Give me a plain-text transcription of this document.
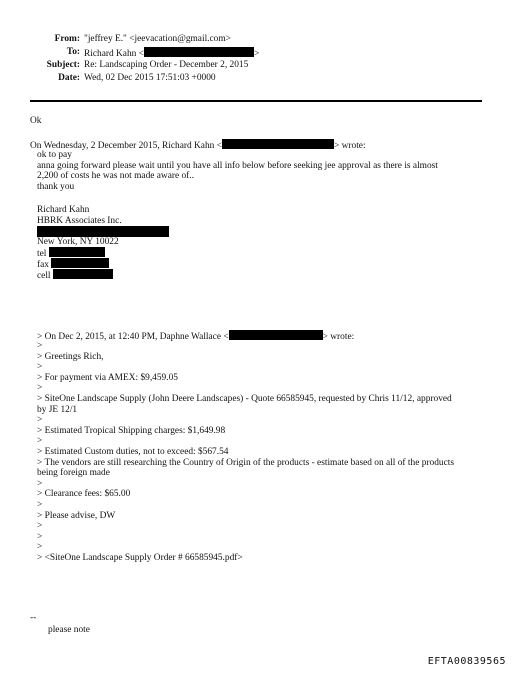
From: "jeffrey E." <jeevacation@gmail.com>
To: Richard Kahn <	>
Subject: Re: Landscaping Order - December 2, 2015
Date: Wed, 02 Dec 2015 17:51:03 +0000
Ok
On Wednesday, 2 December 2015, Richard Kahn <	> wrote:
ok to pay
anna going forward please wait until you have all info below before seeking jee approval as there is almost
2,200 of costs he was not made aware of..
thank you
Richard Kahn
HBRK Associates Inc.
New York, NY 10022
tel
fax
cell
> On Dec 2, 2015, at 12:40 PM, Daphne Wallace <	> wrote:
>
> Greetings Rich,
>
> For payment via AMEX: $9,459.05
>
> SiteOne Landscape Supply (John Deere Landscapes) - Quote 66585945, requested by Chris 11/12, approved
by JE 12/1
>
> Estimated Tropical Shipping charges: $1,649.98
>
> Estimated Custom duties, not to exceed: $567.54
> The vendors are still researching the Country of Origin of the products - estimate based on all of the products
being foreign made
>
> Clearance fees: $65.00
>
> Please advise, DW
>
>
>
> <SiteOne Landscape Supply Order # 66585945.pdf>
--
please note
EFTA00839565
